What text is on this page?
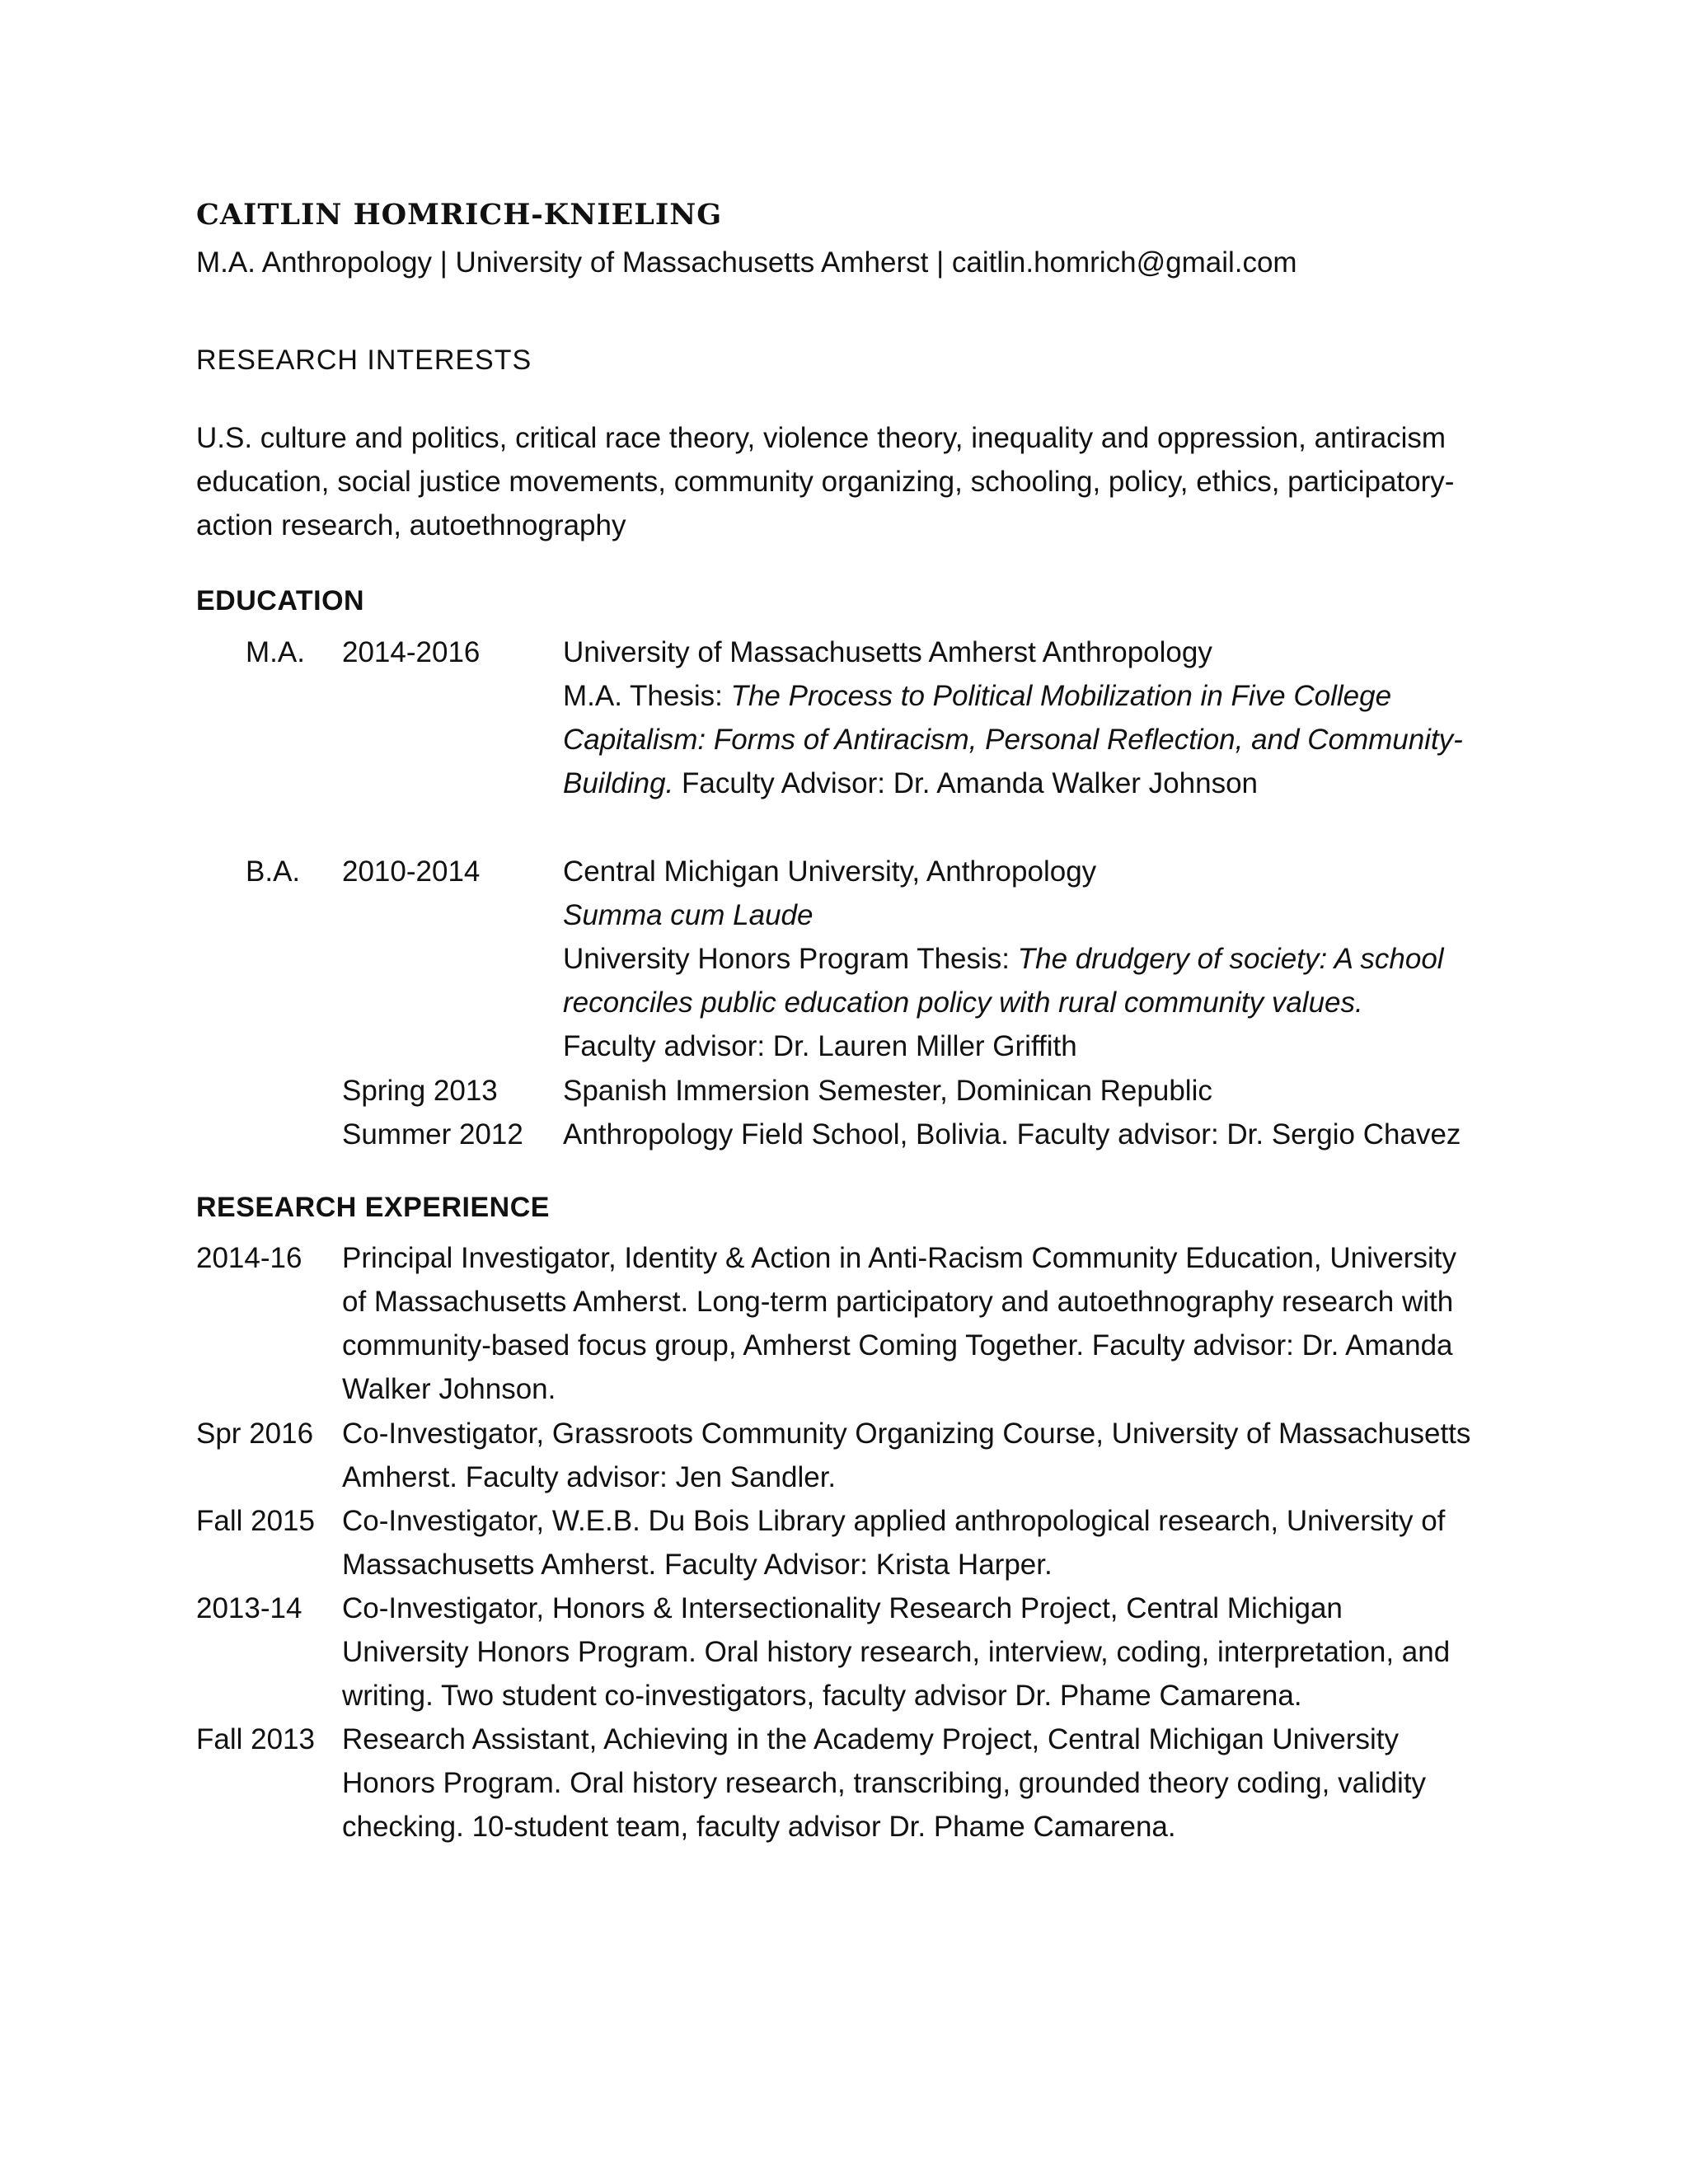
CAITLIN HOMRICH-KNIELING
M.A. Anthropology | University of Massachusetts Amherst | caitlin.homrich@gmail.com
RESEARCH INTERESTS
U.S. culture and politics, critical race theory, violence theory, inequality and oppression, antiracism
education, social justice movements, community organizing, schooling, policy, ethics, participatory-
action research, autoethnography
EDUCATION
M.A. 2014-2016	University of Massachusetts Amherst Anthropology
M.A. Thesis: The Process to Political Mobilization in Five College
Capitalism: Forms of Antiracism, Personal Reflection, and Community-
Building. Faculty Advisor: Dr. Amanda Walker Johnson
B.A. 2010-2014	Central Michigan University, Anthropology
Summa cum Laude
University Honors Program Thesis: The drudgery of society: A school
reconciles public education policy with rural community values.
Faculty advisor: Dr. Lauren Miller Griffith
Spring 2013 Spanish Immersion Semester, Dominican Republic
Summer 2012 Anthropology Field School, Bolivia. Faculty advisor: Dr. Sergio Chavez
RESEARCH EXPERIENCE
2014-16 Principal Investigator, Identity & Action in Anti-Racism Community Education, University
of Massachusetts Amherst. Long-term participatory and autoethnography research with
community-based focus group, Amherst Coming Together. Faculty advisor: Dr. Amanda
Walker Johnson.
Spr 2016 Co-Investigator, Grassroots Community Organizing Course, University of Massachusetts
Amherst. Faculty advisor: Jen Sandler.
Fall 2015 Co-Investigator, W.E.B. Du Bois Library applied anthropological research, University of
Massachusetts Amherst. Faculty Advisor: Krista Harper.
2013-14 Co-Investigator, Honors & Intersectionality Research Project, Central Michigan
University Honors Program. Oral history research, interview, coding, interpretation, and
writing. Two student co-investigators, faculty advisor Dr. Phame Camarena.
Fall 2013 Research Assistant, Achieving in the Academy Project, Central Michigan University
Honors Program. Oral history research, transcribing, grounded theory coding, validity
checking. 10-student team, faculty advisor Dr. Phame Camarena.
